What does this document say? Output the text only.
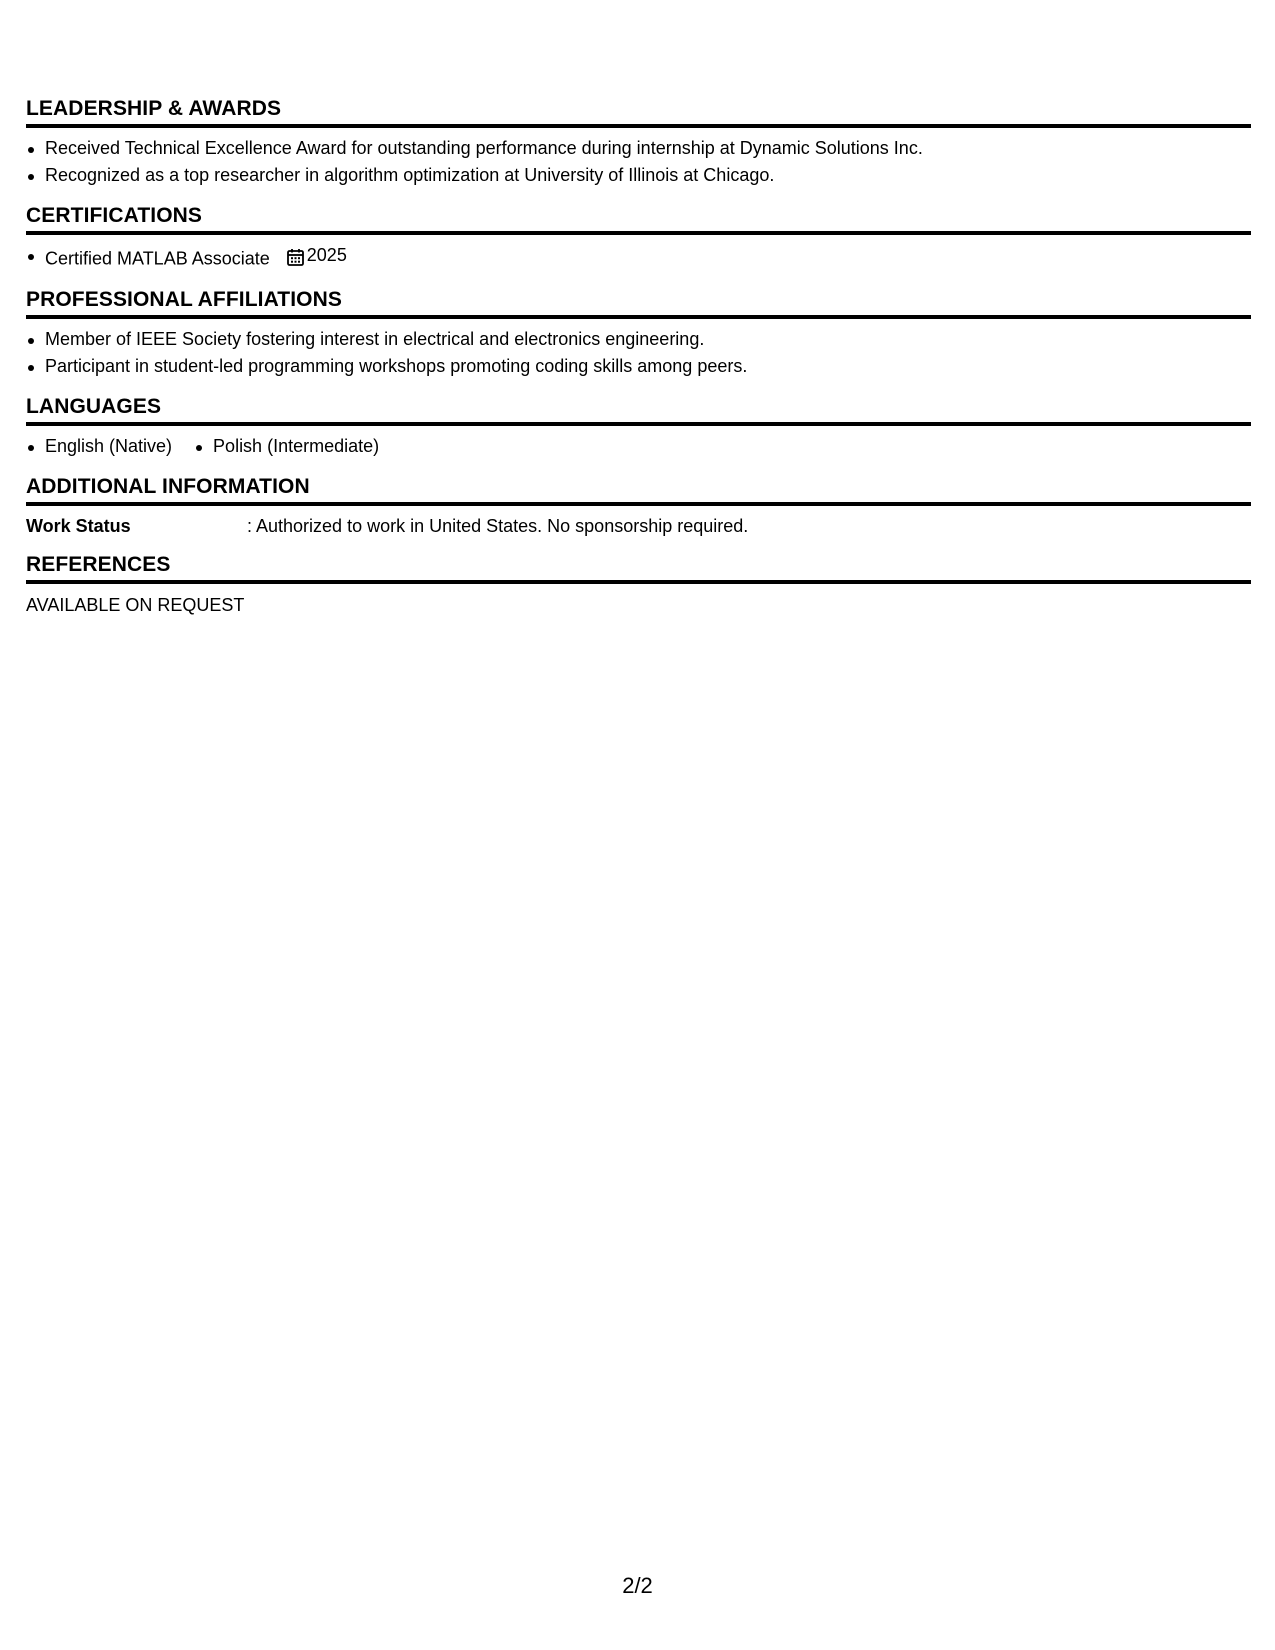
LEADERSHIP & AWARDS
Received Technical Excellence Award for outstanding performance during internship at Dynamic Solutions Inc.
Recognized as a top researcher in algorithm optimization at University of Illinois at Chicago.
CERTIFICATIONS
Certified MATLAB Associate 2025
PROFESSIONAL AFFILIATIONS
Member of IEEE Society fostering interest in electrical and electronics engineering.
Participant in student-led programming workshops promoting coding skills among peers.
LANGUAGES
English (Native)	Polish (Intermediate)
ADDITIONAL INFORMATION
Work Status	: Authorized to work in United States. No sponsorship required.
REFERENCES
AVAILABLE ON REQUEST
2/2
